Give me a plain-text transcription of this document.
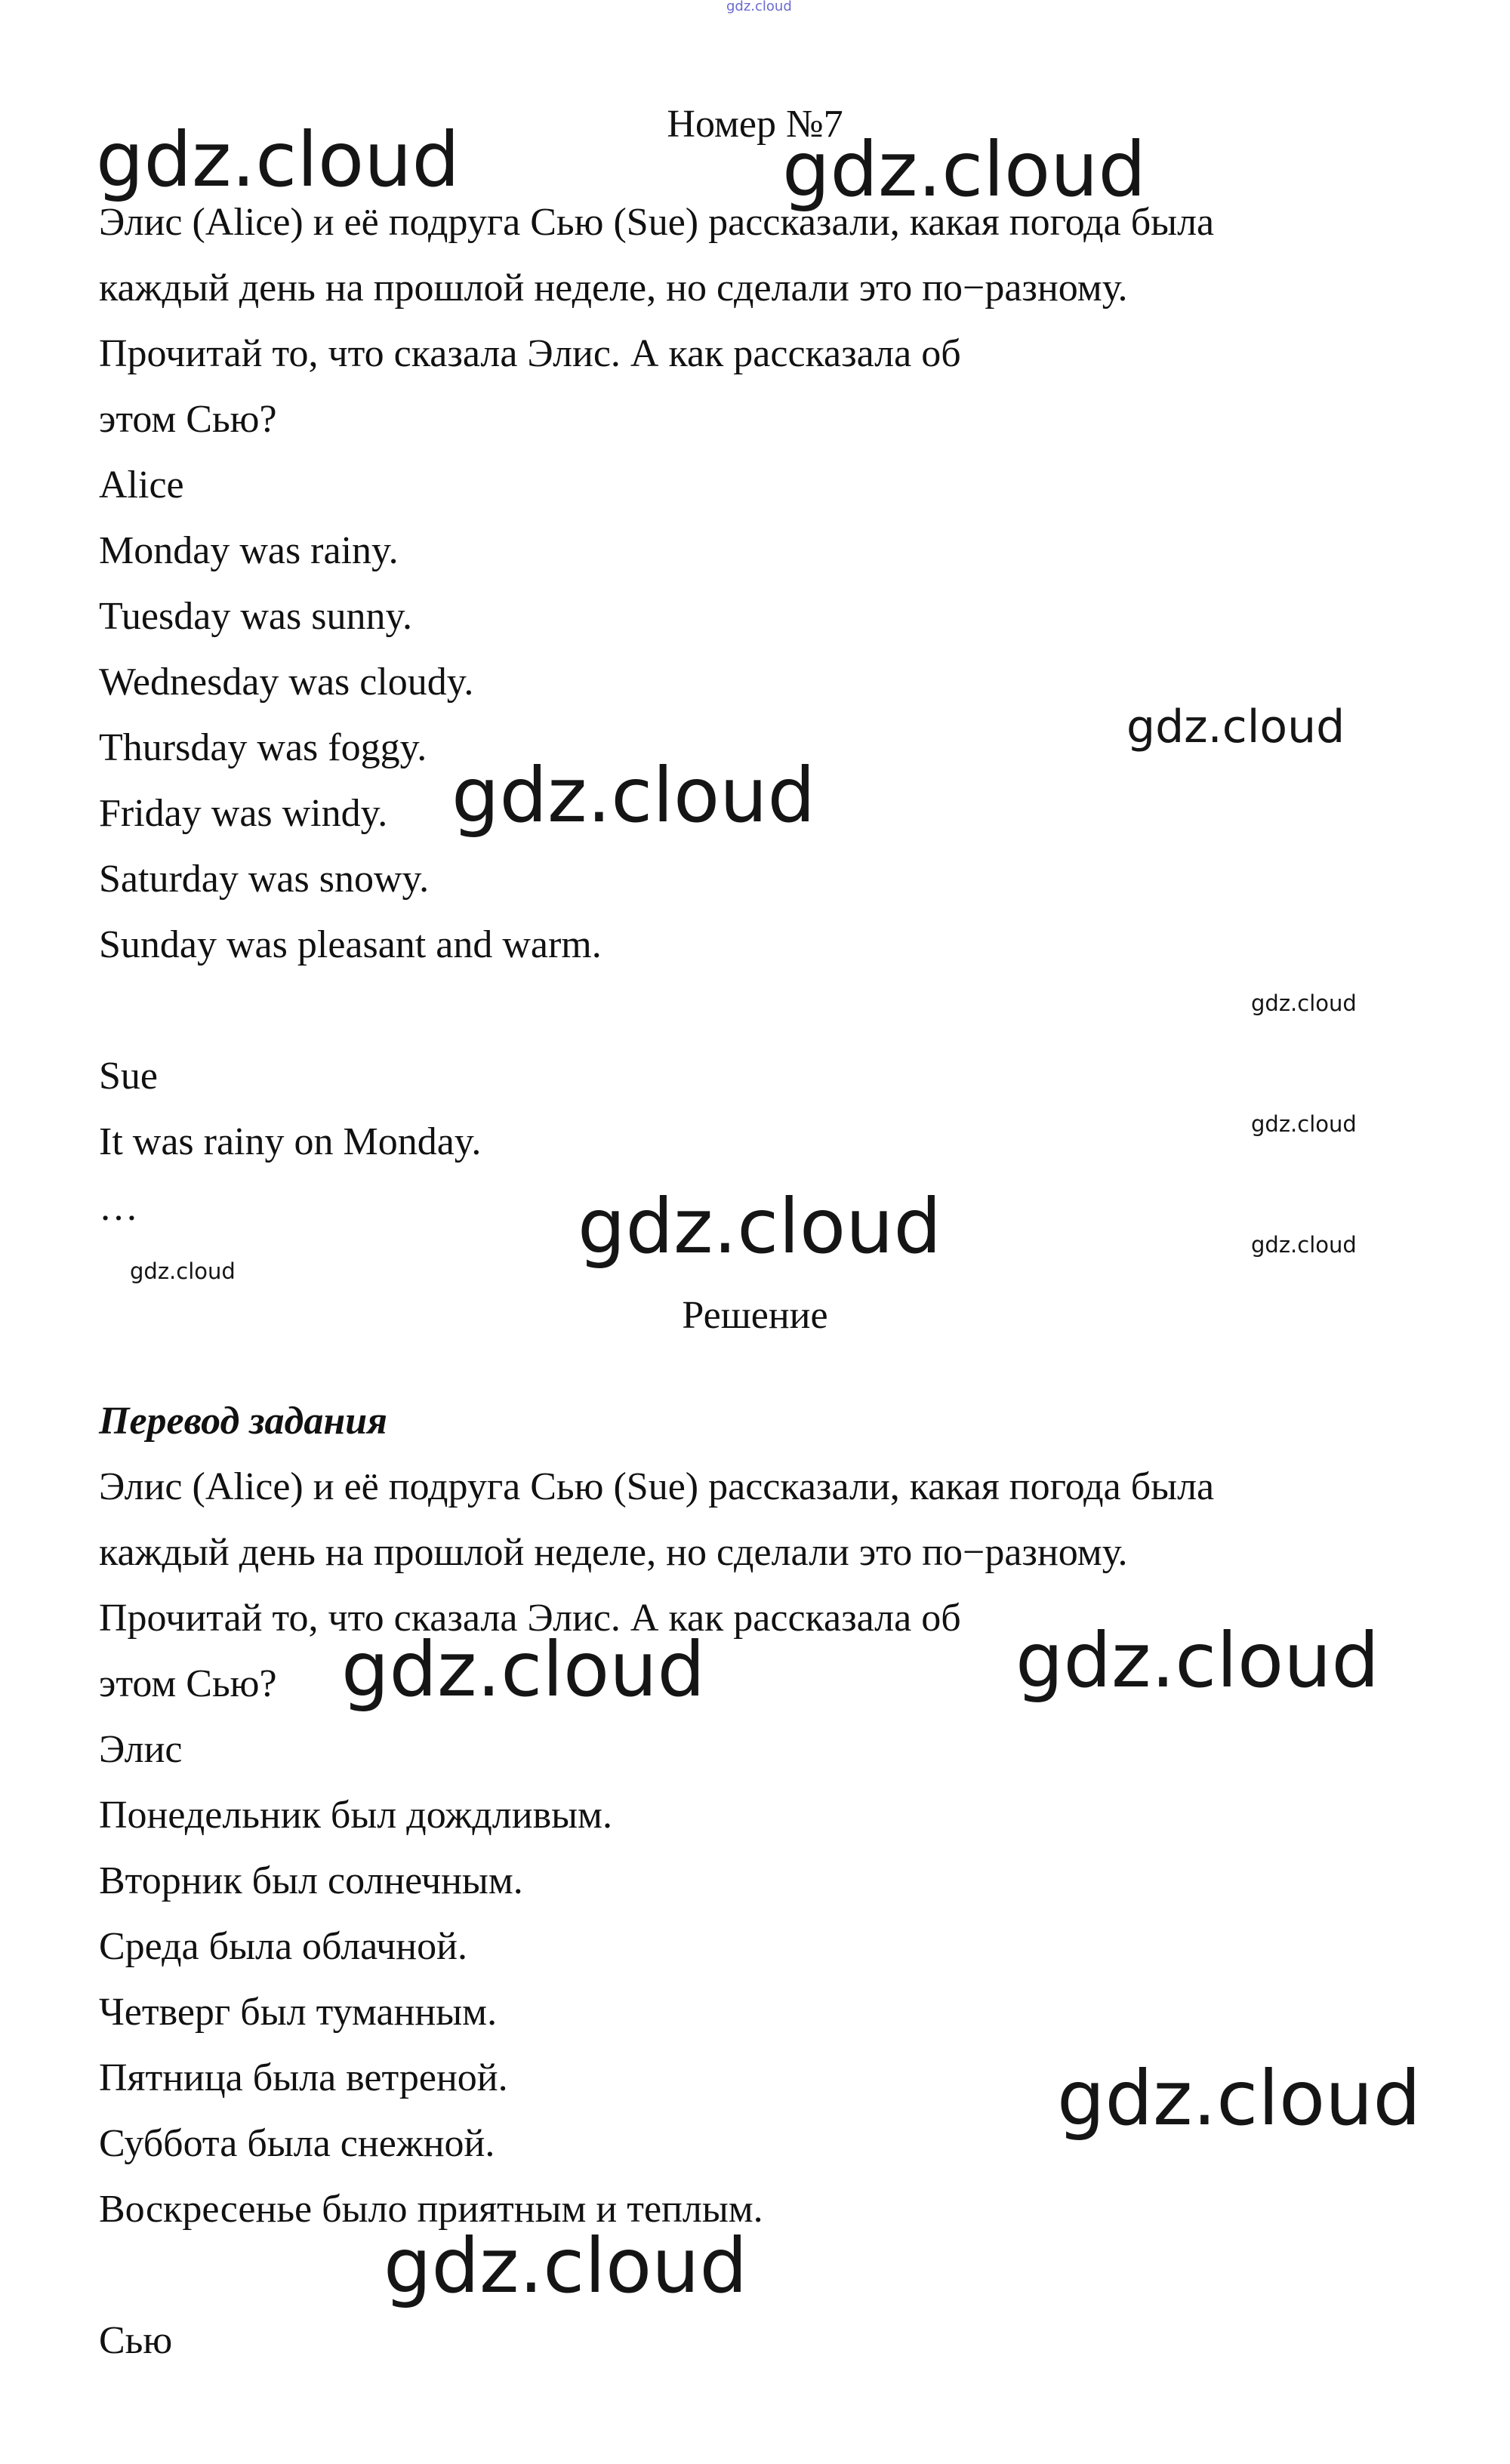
Номер №7
Элис (Alice) и её подруга Сью (Sue) рассказали, какая погода была
каждый день на прошлой неделе, но сделали это по−разному.
Прочитай то, что сказала Элис. А как рассказала об
этом Сью?
Alice
Monday was rainy.
Tuesday was sunny.
Wednesday was cloudy.
Thursday was foggy.
Friday was windy.
Saturday was snowy.
Sunday was pleasant and warm.
Sue
It was rainy on Monday.
…
Решение
Перевод задания
Элис (Alice) и её подруга Сью (Sue) рассказали, какая погода была
каждый день на прошлой неделе, но сделали это по−разному.
Прочитай то, что сказала Элис. А как рассказала об
этом Сью?
Элис
Понедельник был дождливым.
Вторник был солнечным.
Среда была облачной.
Четверг был туманным.
Пятница была ветреной.
Суббота была снежной.
Воскресенье было приятным и теплым.
Сью
gdz.cloud
gdz.cloud	gdz.cloud
gdz.cloud
gdz.cloud
gdz.cloud
gdz.cloud
gdz.cloud	gdz.cloud
gdz.cloud
gdz.cloud
gdz.cloud
gdz.cloud
gdz.cloud
